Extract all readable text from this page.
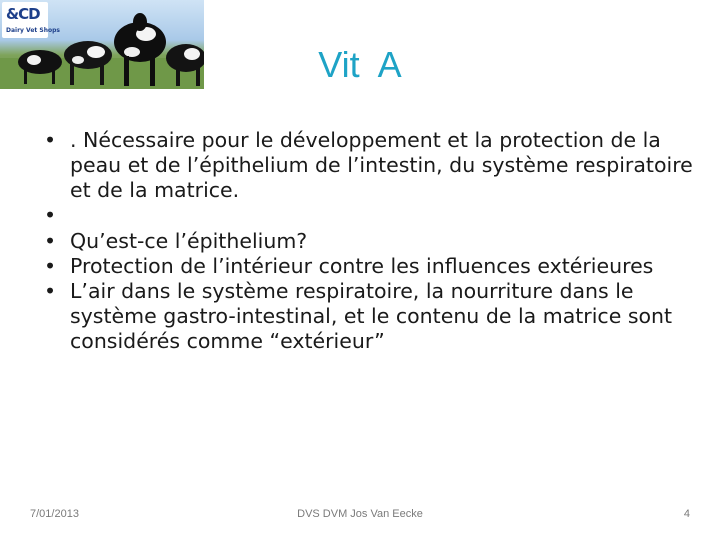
&CD
Dairy Vet Shops
Vit  A
• . Nécessaire pour le développement et la protection de la peau et de l’épithelium de l’intestin, du système respiratoire et de la matrice.
•
• Qu’est-ce l’épithelium?
• Protection de l’intérieur contre les influences extérieures
• L’air dans le système respiratoire, la nourriture dans le système gastro-intestinal, et le contenu de la matrice sont considérés comme “extérieur”
7/01/2013	DVS DVM Jos Van Eecke	4
